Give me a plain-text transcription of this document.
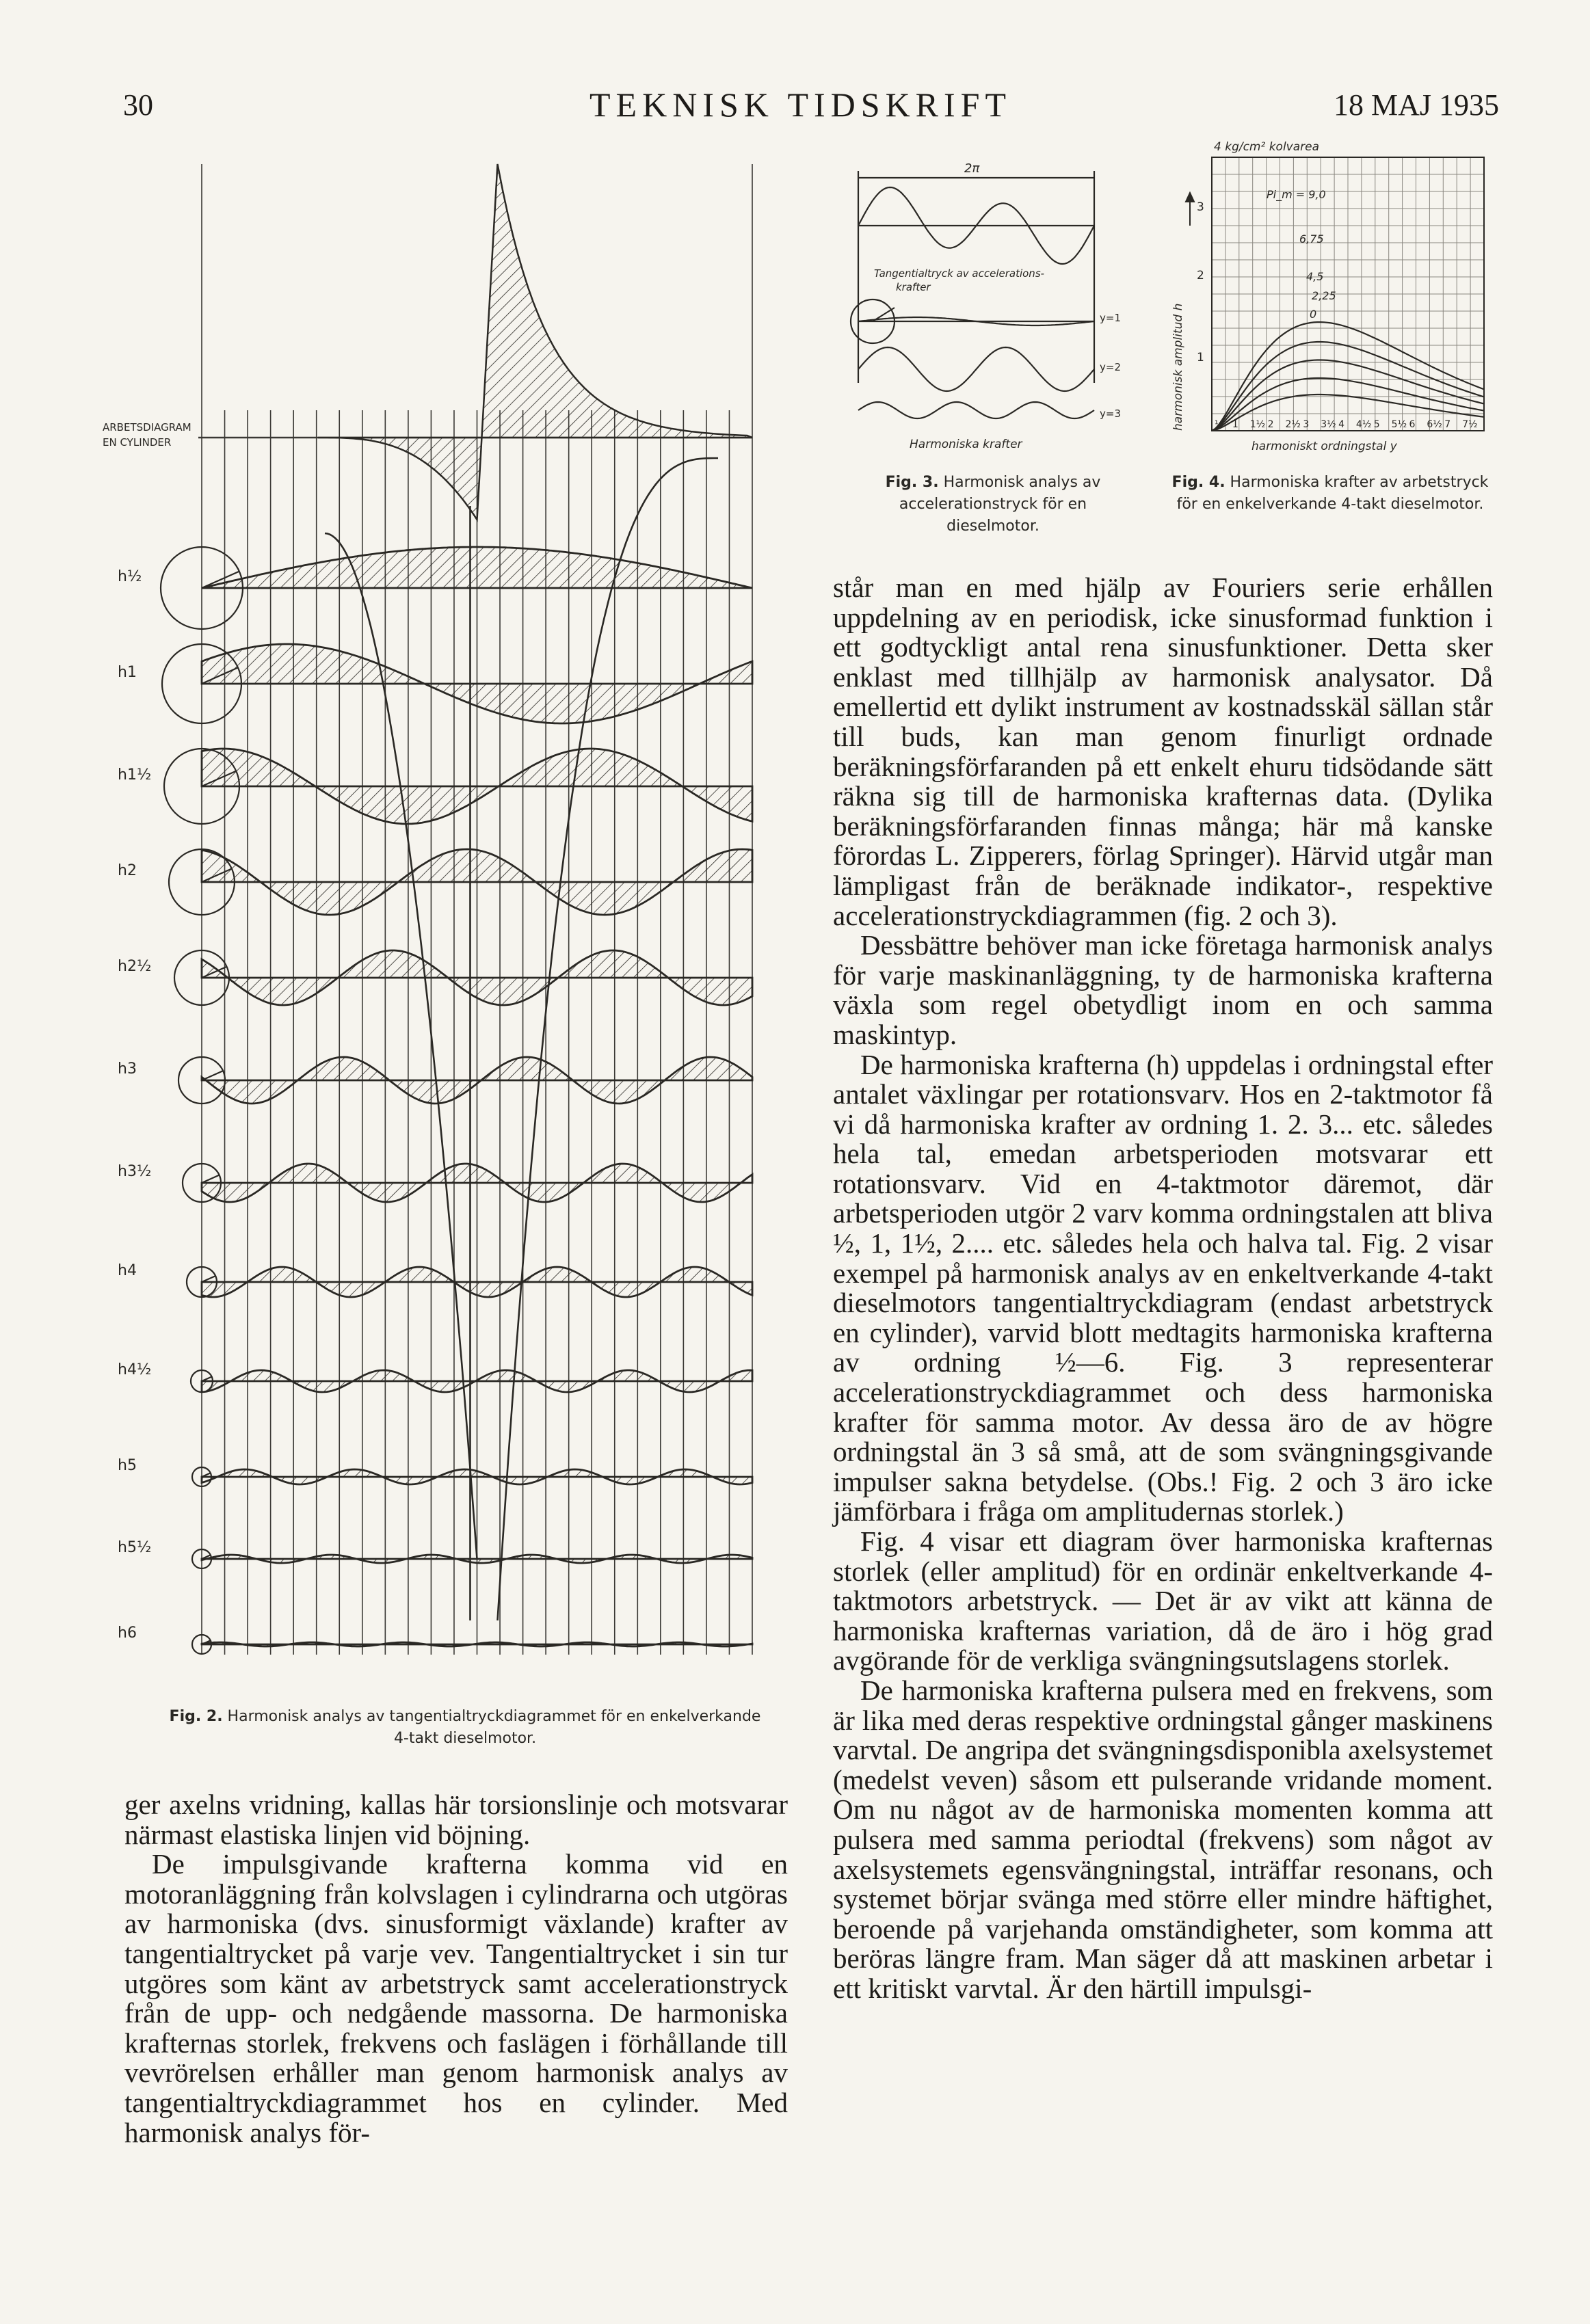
30	TEKNISK TIDSKRIFT	18 MAJ 1935
ARBETSDIAGRAM
EN CYLINDER
h½
h1
h1½
h2
h2½
h3
h3½
h4
h4½
h5
h5½
h6
Fig. 2. Harmonisk analys av tangentialtryckdiagrammet för en enkelverkande 4-takt dieselmotor.
2π
Tangentialtryck av accelerations-
krafter
y=1
y=2
y=3
Harmoniska krafter
Fig. 3. Harmonisk analys av accelerationstryck för en dieselmotor.
4 kg/cm² kolvarea
3
2
1
½ 1 1½ 2 2½ 3 3½ 4 4½ 5 5½ 6 6½ 7 7½
harmonisk amplitud h
harmoniskt ordningstal y
Pi_m = 9,0
6,75
4,5
2,25
0
Fig. 4. Harmoniska krafter av arbetstryck för en enkelverkande 4-takt dieselmotor.

ger axelns vridning, kallas här torsionslinje och motsvarar närmast elastiska linjen vid böjning.

De impulsgivande krafterna komma vid en motoranläggning från kolvslagen i cylindrarna och utgöras av harmoniska (dvs. sinusformigt växlande) krafter av tangentialtrycket på varje vev. Tangentialtrycket i sin tur utgöres som känt av arbetstryck samt accelerationstryck från de upp- och nedgående massorna. De harmoniska krafternas storlek, frekvens och faslägen i förhållande till vevrörelsen erhåller man genom harmonisk analys av tangentialtryckdiagrammet hos en cylinder. Med harmonisk analys för-

står man en med hjälp av Fouriers serie erhållen uppdelning av en periodisk, icke sinusformad funktion i ett godtyckligt antal rena sinusfunktioner. Detta sker enklast med tillhjälp av harmonisk analysator. Då emellertid ett dylikt instrument av kostnadsskäl sällan står till buds, kan man genom finurligt ordnade beräkningsförfaranden på ett enkelt ehuru tidsödande sätt räkna sig till de harmoniska krafternas data. (Dylika beräkningsförfaranden finnas många; här må kanske förordas L. Zipperers, förlag Springer). Härvid utgår man lämpligast från de beräknade indikator-, respektive accelerationstryckdiagrammen (fig. 2 och 3).

Dessbättre behöver man icke företaga harmonisk analys för varje maskinanläggning, ty de harmoniska krafterna växla som regel obetydligt inom en och samma maskintyp.

De harmoniska krafterna (h) uppdelas i ordningstal efter antalet växlingar per rotationsvarv. Hos en 2-taktmotor få vi då harmoniska krafter av ordning 1. 2. 3... etc. således hela tal, emedan arbetsperioden motsvarar ett rotationsvarv. Vid en 4-taktmotor däremot, där arbetsperioden utgör 2 varv komma ordningstalen att bliva ½, 1, 1½, 2.... etc. således hela och halva tal. Fig. 2 visar exempel på harmonisk analys av en enkeltverkande 4-takt dieselmotors tangentialtryckdiagram (endast arbetstryck en cylinder), varvid blott medtagits harmoniska krafterna av ordning ½—6. Fig. 3 representerar accelerationstryckdiagrammet och dess harmoniska krafter för samma motor. Av dessa äro de av högre ordningstal än 3 så små, att de som svängningsgivande impulser sakna betydelse. (Obs.! Fig. 2 och 3 äro icke jämförbara i fråga om amplitudernas storlek.)

Fig. 4 visar ett diagram över harmoniska krafternas storlek (eller amplitud) för en ordinär enkeltverkande 4-taktmotors arbetstryck. — Det är av vikt att känna de harmoniska krafternas variation, då de äro i hög grad avgörande för de verkliga svängningsutslagens storlek.

De harmoniska krafterna pulsera med en frekvens, som är lika med deras respektive ordningstal gånger maskinens varvtal. De angripa det svängningsdisponibla axelsystemet (medelst veven) såsom ett pulserande vridande moment. Om nu något av de harmoniska momenten komma att pulsera med samma periodtal (frekvens) som något av axelsystemets egensvängningstal, inträffar resonans, och systemet börjar svänga med större eller mindre häftighet, beroende på varjehanda omständigheter, som komma att beröras längre fram. Man säger då att maskinen arbetar i ett kritiskt varvtal. Är den härtill impulsgi-
